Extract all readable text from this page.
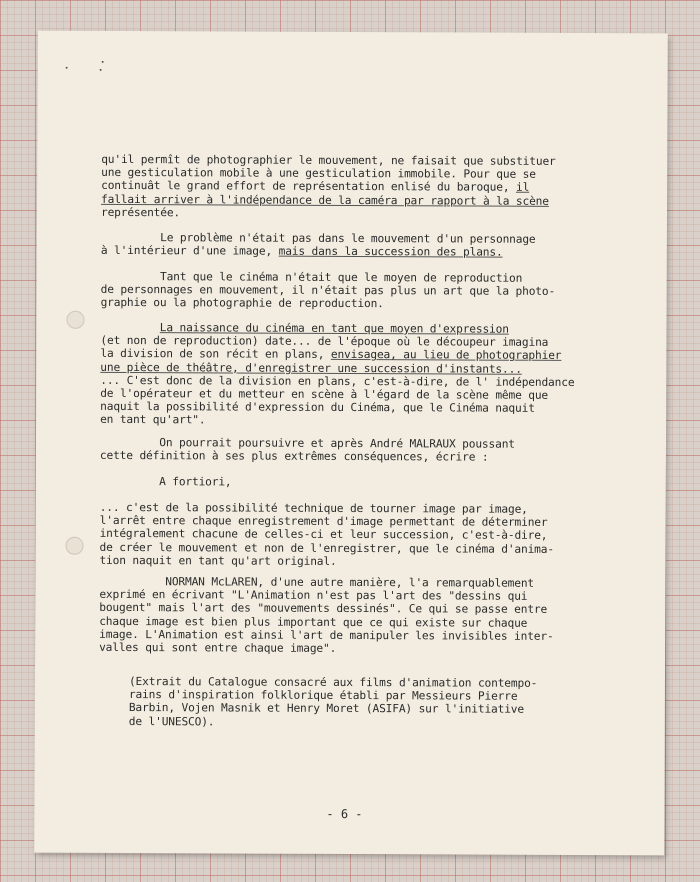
qu'il permît de photographier le mouvement, ne faisait que substituer
une gesticulation mobile à une gesticulation immobile. Pour que se
continuât le grand effort de représentation enlisé du baroque, il
fallait arriver à l'indépendance de la caméra par rapport à la scène
représentée.
Le problème n'était pas dans le mouvement d'un personnage
à l'intérieur d'une image, mais dans la succession des plans.
Tant que le cinéma n'était que le moyen de reproduction
de personnages en mouvement, il n'était pas plus un art que la photo-
graphie ou la photographie de reproduction.
La naissance du cinéma en tant que moyen d'expression
(et non de reproduction) date... de l'époque où le découpeur imagina
la division de son récit en plans, envisagea, au lieu de photographier
une pièce de théâtre, d'enregistrer une succession d'instants...
... C'est donc de la division en plans, c'est-à-dire, de l' indépendance
de l'opérateur et du metteur en scène à l'égard de la scène même que
naquit la possibilité d'expression du Cinéma, que le Cinéma naquit
en tant qu'art".
On pourrait poursuivre et après André MALRAUX poussant
cette définition à ses plus extrêmes conséquences, écrire :
A fortiori,
... c'est de la possibilité technique de tourner image par image,
l'arrêt entre chaque enregistrement d'image permettant de déterminer
intégralement chacune de celles-ci et leur succession, c'est-à-dire,
de créer le mouvement et non de l'enregistrer, que le cinéma d'anima-
tion naquit en tant qu'art original.
NORMAN McLAREN, d'une autre manière, l'a remarquablement
exprimé en écrivant "L'Animation n'est pas l'art des "dessins qui
bougent" mais l'art des "mouvements dessinés". Ce qui se passe entre
chaque image est bien plus important que ce qui existe sur chaque
image. L'Animation est ainsi l'art de manipuler les invisibles inter-
valles qui sont entre chaque image".
(Extrait du Catalogue consacré aux films d'animation contempo-
rains d'inspiration folklorique établi par Messieurs Pierre
Barbin, Vojen Masnik et Henry Moret (ASIFA) sur l'initiative
de l'UNESCO).
- 6 -
